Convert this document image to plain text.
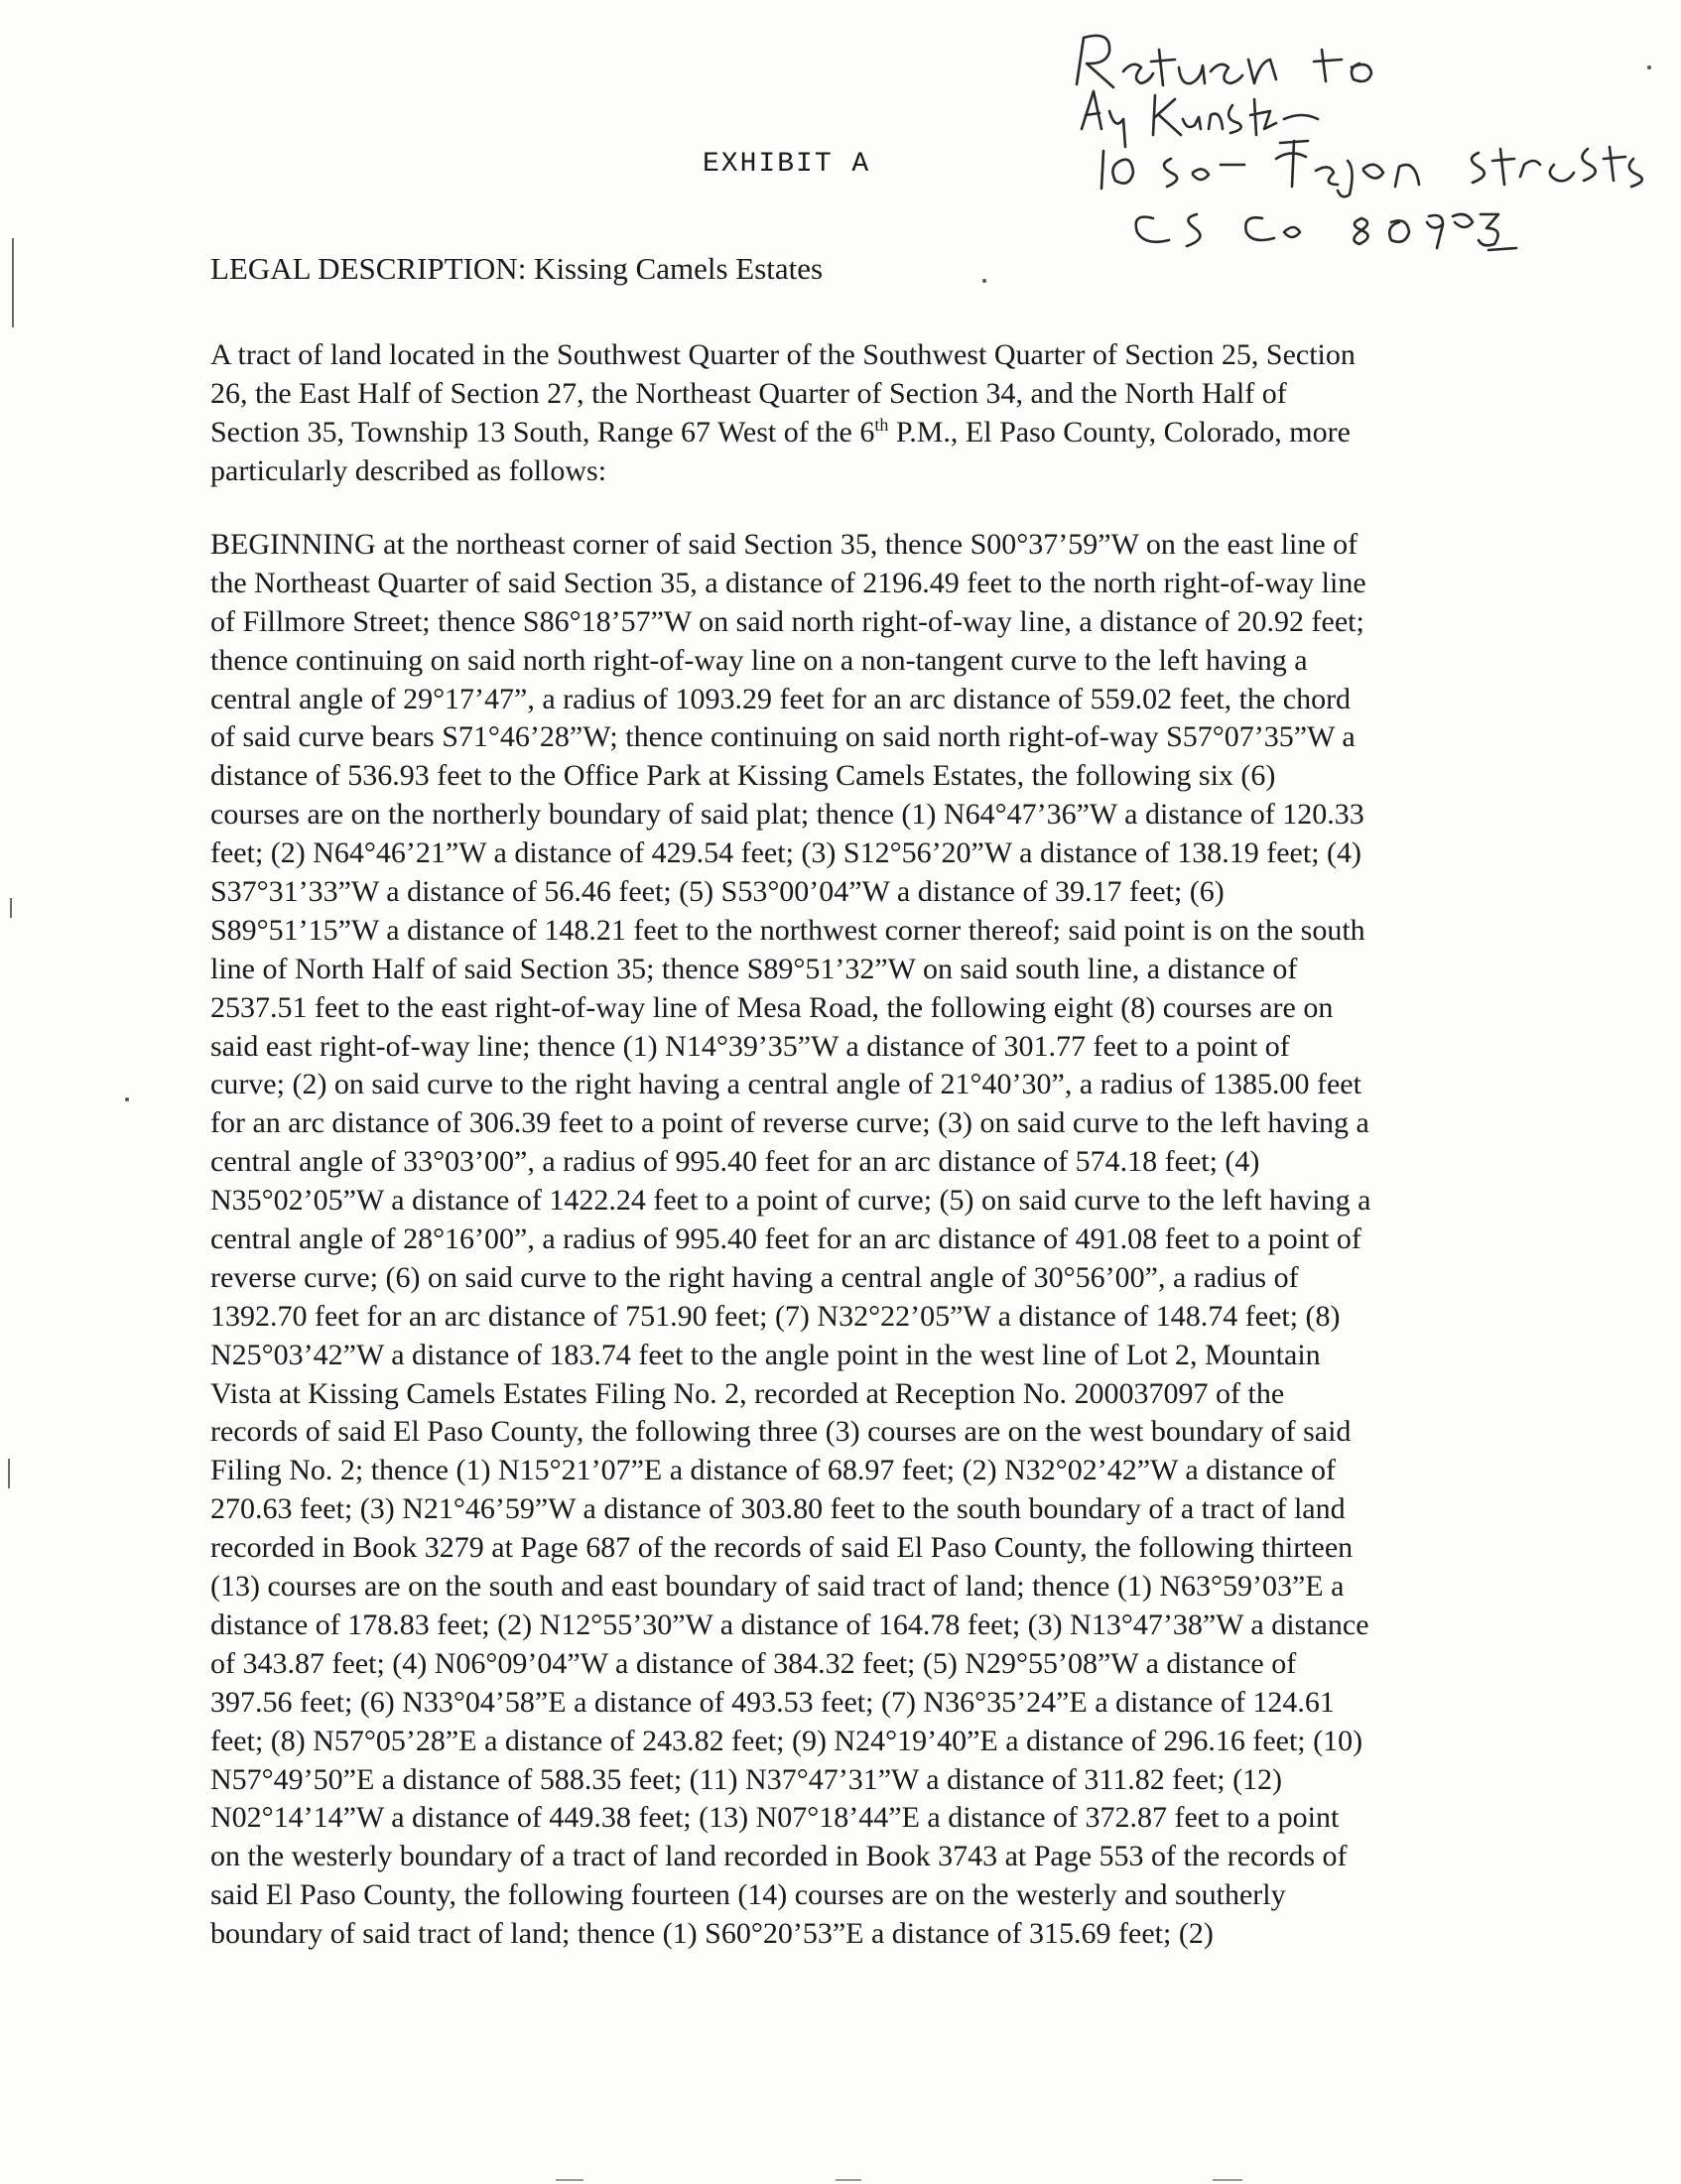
EXHIBIT A
LEGAL DESCRIPTION: Kissing Camels Estates
A tract of land located in the Southwest Quarter of the Southwest Quarter of Section 25, Section
26, the East Half of Section 27, the Northeast Quarter of Section 34, and the North Half of
Section 35, Township 13 South, Range 67 West of the 6th P.M., El Paso County, Colorado, more
particularly described as follows:
BEGINNING at the northeast corner of said Section 35, thence S00°37’59”W on the east line of
the Northeast Quarter of said Section 35, a distance of 2196.49 feet to the north right-of-way line
of Fillmore Street; thence S86°18’57”W on said north right-of-way line, a distance of 20.92 feet;
thence continuing on said north right-of-way line on a non-tangent curve to the left having a
central angle of 29°17’47”, a radius of 1093.29 feet for an arc distance of 559.02 feet, the chord
of said curve bears S71°46’28”W; thence continuing on said north right-of-way S57°07’35”W a
distance of 536.93 feet to the Office Park at Kissing Camels Estates, the following six (6)
courses are on the northerly boundary of said plat; thence (1) N64°47’36”W a distance of 120.33
feet; (2) N64°46’21”W a distance of 429.54 feet; (3) S12°56’20”W a distance of 138.19 feet; (4)
S37°31’33”W a distance of 56.46 feet; (5) S53°00’04”W a distance of 39.17 feet; (6)
S89°51’15”W a distance of 148.21 feet to the northwest corner thereof; said point is on the south
line of North Half of said Section 35; thence S89°51’32”W on said south line, a distance of
2537.51 feet to the east right-of-way line of Mesa Road, the following eight (8) courses are on
said east right-of-way line; thence (1) N14°39’35”W a distance of 301.77 feet to a point of
curve; (2) on said curve to the right having a central angle of 21°40’30”, a radius of 1385.00 feet
for an arc distance of 306.39 feet to a point of reverse curve; (3) on said curve to the left having a
central angle of 33°03’00”, a radius of 995.40 feet for an arc distance of 574.18 feet; (4)
N35°02’05”W a distance of 1422.24 feet to a point of curve; (5) on said curve to the left having a
central angle of 28°16’00”, a radius of 995.40 feet for an arc distance of 491.08 feet to a point of
reverse curve; (6) on said curve to the right having a central angle of 30°56’00”, a radius of
1392.70 feet for an arc distance of 751.90 feet; (7) N32°22’05”W a distance of 148.74 feet; (8)
N25°03’42”W a distance of 183.74 feet to the angle point in the west line of Lot 2, Mountain
Vista at Kissing Camels Estates Filing No. 2, recorded at Reception No. 200037097 of the
records of said El Paso County, the following three (3) courses are on the west boundary of said
Filing No. 2; thence (1) N15°21’07”E a distance of 68.97 feet; (2) N32°02’42”W a distance of
270.63 feet; (3) N21°46’59”W a distance of 303.80 feet to the south boundary of a tract of land
recorded in Book 3279 at Page 687 of the records of said El Paso County, the following thirteen
(13) courses are on the south and east boundary of said tract of land; thence (1) N63°59’03”E a
distance of 178.83 feet; (2) N12°55’30”W a distance of 164.78 feet; (3) N13°47’38”W a distance
of 343.87 feet; (4) N06°09’04”W a distance of 384.32 feet; (5) N29°55’08”W a distance of
397.56 feet; (6) N33°04’58”E a distance of 493.53 feet; (7) N36°35’24”E a distance of 124.61
feet; (8) N57°05’28”E a distance of 243.82 feet; (9) N24°19’40”E a distance of 296.16 feet; (10)
N57°49’50”E a distance of 588.35 feet; (11) N37°47’31”W a distance of 311.82 feet; (12)
N02°14’14”W a distance of 449.38 feet; (13) N07°18’44”E a distance of 372.87 feet to a point
on the westerly boundary of a tract of land recorded in Book 3743 at Page 553 of the records of
said El Paso County, the following fourteen (14) courses are on the westerly and southerly
boundary of said tract of land; thence (1) S60°20’53”E a distance of 315.69 feet; (2)
